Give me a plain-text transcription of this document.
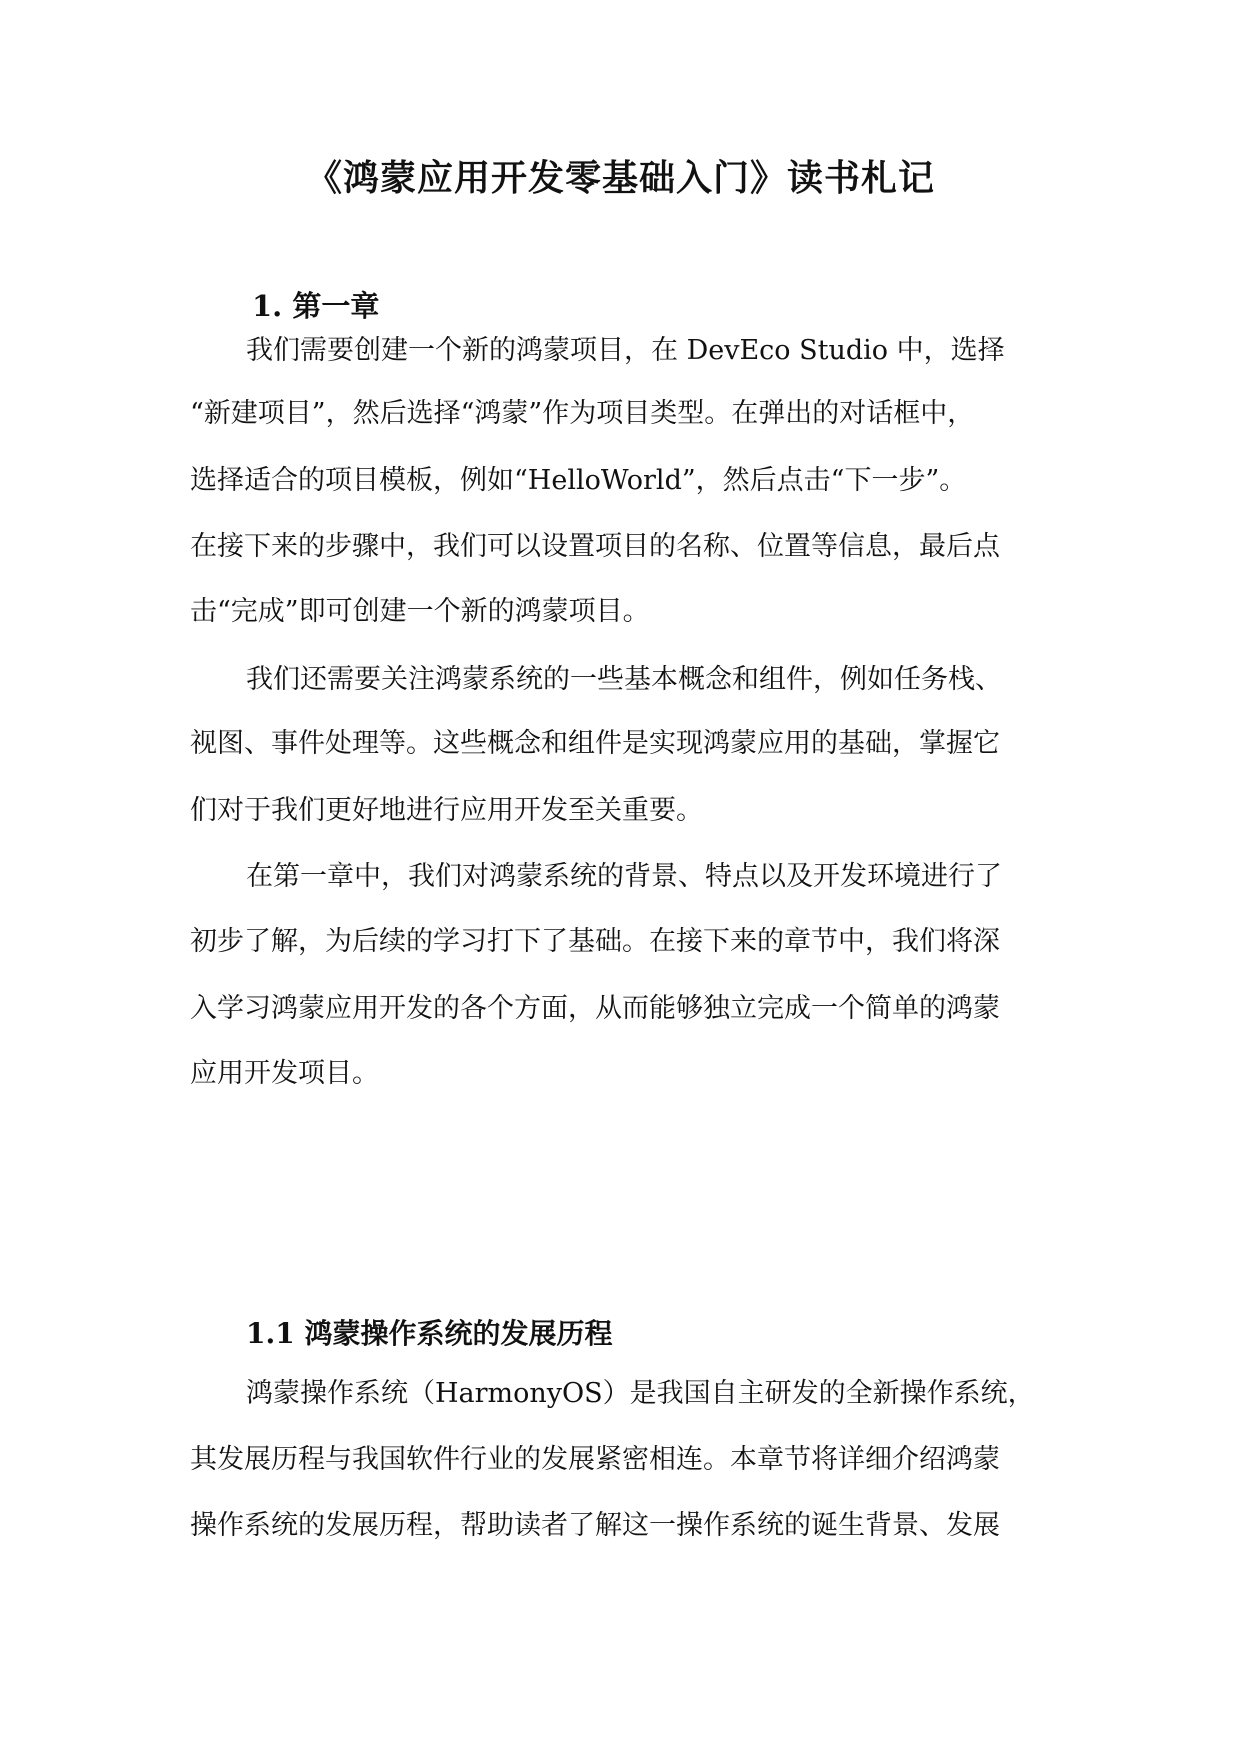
《鸿蒙应用开发零基础入门》读书札记
1. 第一章

我们需要创建一个新的鸿蒙项目，在 DevEco Studio 中，选择

“新建项目”，然后选择“鸿蒙”作为项目类型。在弹出的对话框中，

选择适合的项目模板，例如“HelloWorld”，然后点击“下一步”。

在接下来的步骤中，我们可以设置项目的名称、位置等信息，最后点

击“完成”即可创建一个新的鸿蒙项目。

我们还需要关注鸿蒙系统的一些基本概念和组件，例如任务栈、

视图、事件处理等。这些概念和组件是实现鸿蒙应用的基础，掌握它

们对于我们更好地进行应用开发至关重要。

在第一章中，我们对鸿蒙系统的背景、特点以及开发环境进行了

初步了解，为后续的学习打下了基础。在接下来的章节中，我们将深

入学习鸿蒙应用开发的各个方面，从而能够独立完成一个简单的鸿蒙

应用开发项目。

1.1 鸿蒙操作系统的发展历程

鸿蒙操作系统（HarmonyOS）是我国自主研发的全新操作系统，

其发展历程与我国软件行业的发展紧密相连。本章节将详细介绍鸿蒙

操作系统的发展历程，帮助读者了解这一操作系统的诞生背景、发展
